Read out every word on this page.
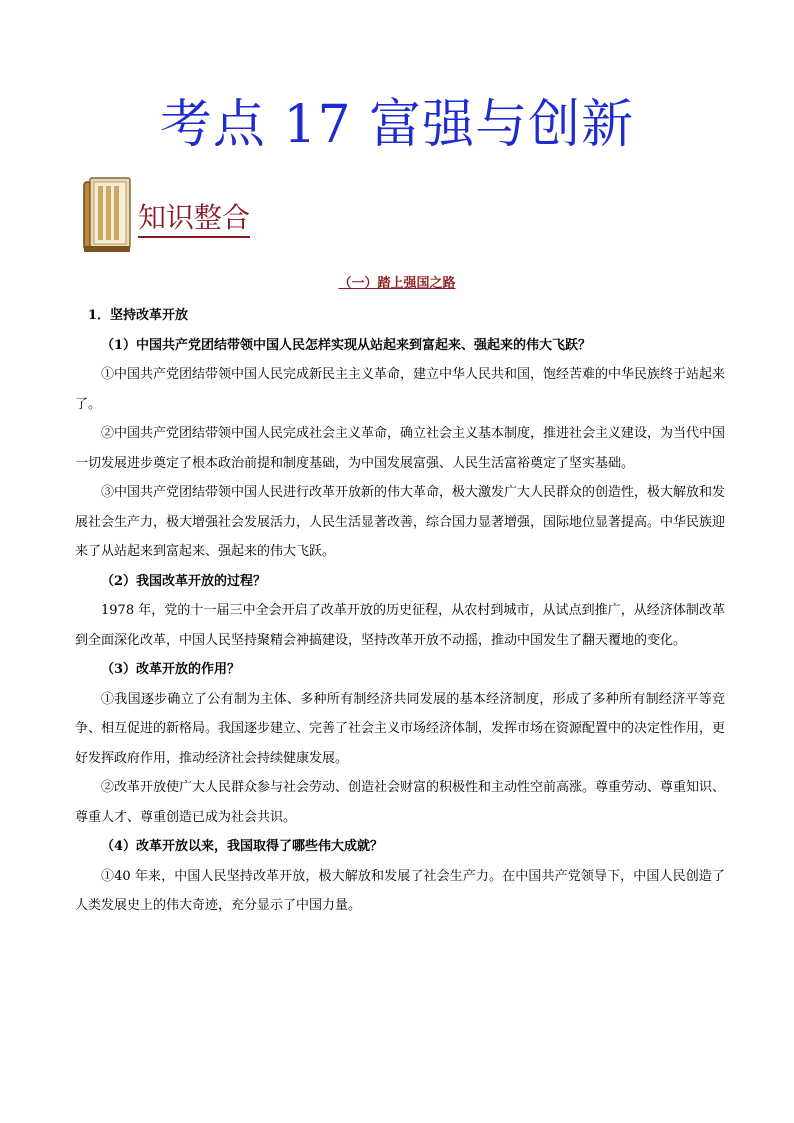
考点 17 富强与创新
知识整合
（一）踏上强国之路

1．坚持改革开放

（1）中国共产党团结带领中国人民怎样实现从站起来到富起来、强起来的伟大飞跃？

①中国共产党团结带领中国人民完成新民主主义革命，建立中华人民共和国，饱经苦难的中华民族终于站起来了。

②中国共产党团结带领中国人民完成社会主义革命，确立社会主义基本制度，推进社会主义建设，为当代中国一切发展进步奠定了根本政治前提和制度基础，为中国发展富强、人民生活富裕奠定了坚实基础。

③中国共产党团结带领中国人民进行改革开放新的伟大革命，极大激发广大人民群众的创造性，极大解放和发展社会生产力，极大增强社会发展活力，人民生活显著改善，综合国力显著增强，国际地位显著提高。中华民族迎来了从站起来到富起来、强起来的伟大飞跃。

（2）我国改革开放的过程？

1978 年，党的十一届三中全会开启了改革开放的历史征程，从农村到城市，从试点到推广，从经济体制改革到全面深化改革，中国人民坚持聚精会神搞建设，坚持改革开放不动摇，推动中国发生了翻天覆地的变化。

（3）改革开放的作用？

①我国逐步确立了公有制为主体、多种所有制经济共同发展的基本经济制度，形成了多种所有制经济平等竞争、相互促进的新格局。我国逐步建立、完善了社会主义市场经济体制，发挥市场在资源配置中的决定性作用，更好发挥政府作用，推动经济社会持续健康发展。

②改革开放使广大人民群众参与社会劳动、创造社会财富的积极性和主动性空前高涨。尊重劳动、尊重知识、尊重人才、尊重创造已成为社会共识。

（4）改革开放以来，我国取得了哪些伟大成就？

①40 年来，中国人民坚持改革开放，极大解放和发展了社会生产力。在中国共产党领导下，中国人民创造了人类发展史上的伟大奇迹，充分显示了中国力量。
